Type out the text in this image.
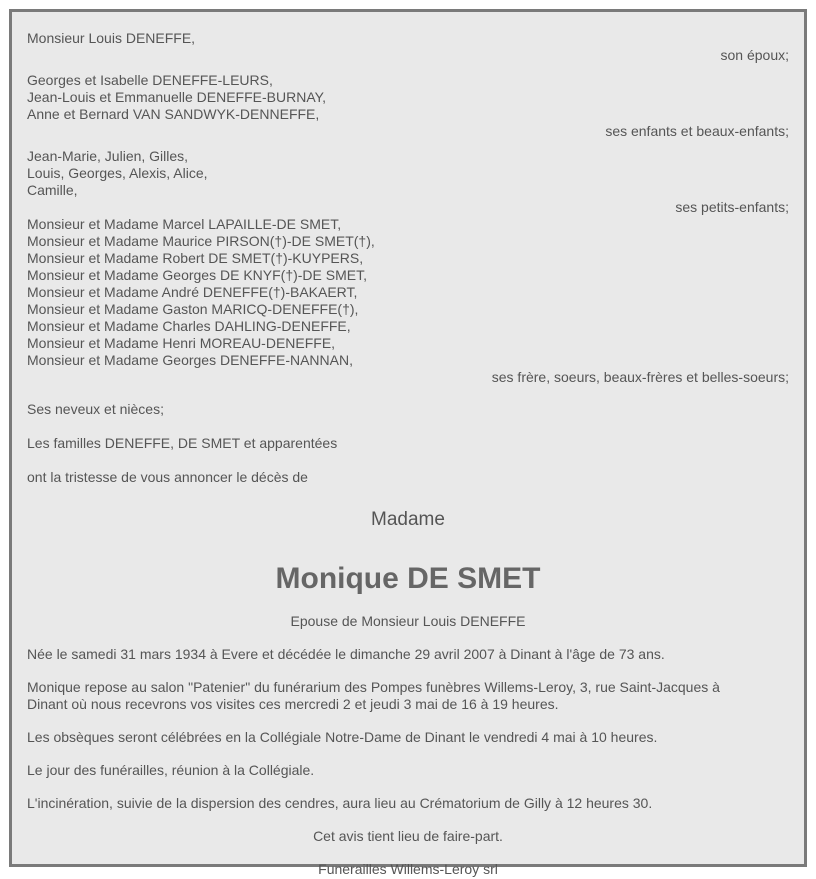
Monsieur Louis DENEFFE,
son époux;
Georges et Isabelle DENEFFE-LEURS,
Jean-Louis et Emmanuelle DENEFFE-BURNAY,
Anne et Bernard VAN SANDWYK-DENNEFFE,
ses enfants et beaux-enfants;
Jean-Marie, Julien, Gilles,
Louis, Georges, Alexis, Alice,
Camille,
ses petits-enfants;
Monsieur et Madame Marcel LAPAILLE-DE SMET,
Monsieur et Madame Maurice PIRSON(†)-DE SMET(†),
Monsieur et Madame Robert DE SMET(†)-KUYPERS,
Monsieur et Madame Georges DE KNYF(†)-DE SMET,
Monsieur et Madame André DENEFFE(†)-BAKAERT,
Monsieur et Madame Gaston MARICQ-DENEFFE(†),
Monsieur et Madame Charles DAHLING-DENEFFE,
Monsieur et Madame Henri MOREAU-DENEFFE,
Monsieur et Madame Georges DENEFFE-NANNAN,
ses frère, soeurs, beaux-frères et belles-soeurs;
Ses neveux et nièces;
Les familles DENEFFE, DE SMET et apparentées
ont la tristesse de vous annoncer le décès de
Madame
Monique DE SMET
Epouse de Monsieur Louis DENEFFE
Née le samedi 31 mars 1934 à Evere et décédée le dimanche 29 avril 2007 à Dinant à l'âge de 73 ans.
Monique repose au salon "Patenier" du funérarium des Pompes funèbres Willems-Leroy, 3, rue Saint-Jacques à
Dinant où nous recevrons vos visites ces mercredi 2 et jeudi 3 mai de 16 à 19 heures.
Les obsèques seront célébrées en la Collégiale Notre-Dame de Dinant le vendredi 4 mai à 10 heures.
Le jour des funérailles, réunion à la Collégiale.
L'incinération, suivie de la dispersion des cendres, aura lieu au Crématorium de Gilly à 12 heures 30.
Cet avis tient lieu de faire-part.
Funerailles Willems-Leroy srl
